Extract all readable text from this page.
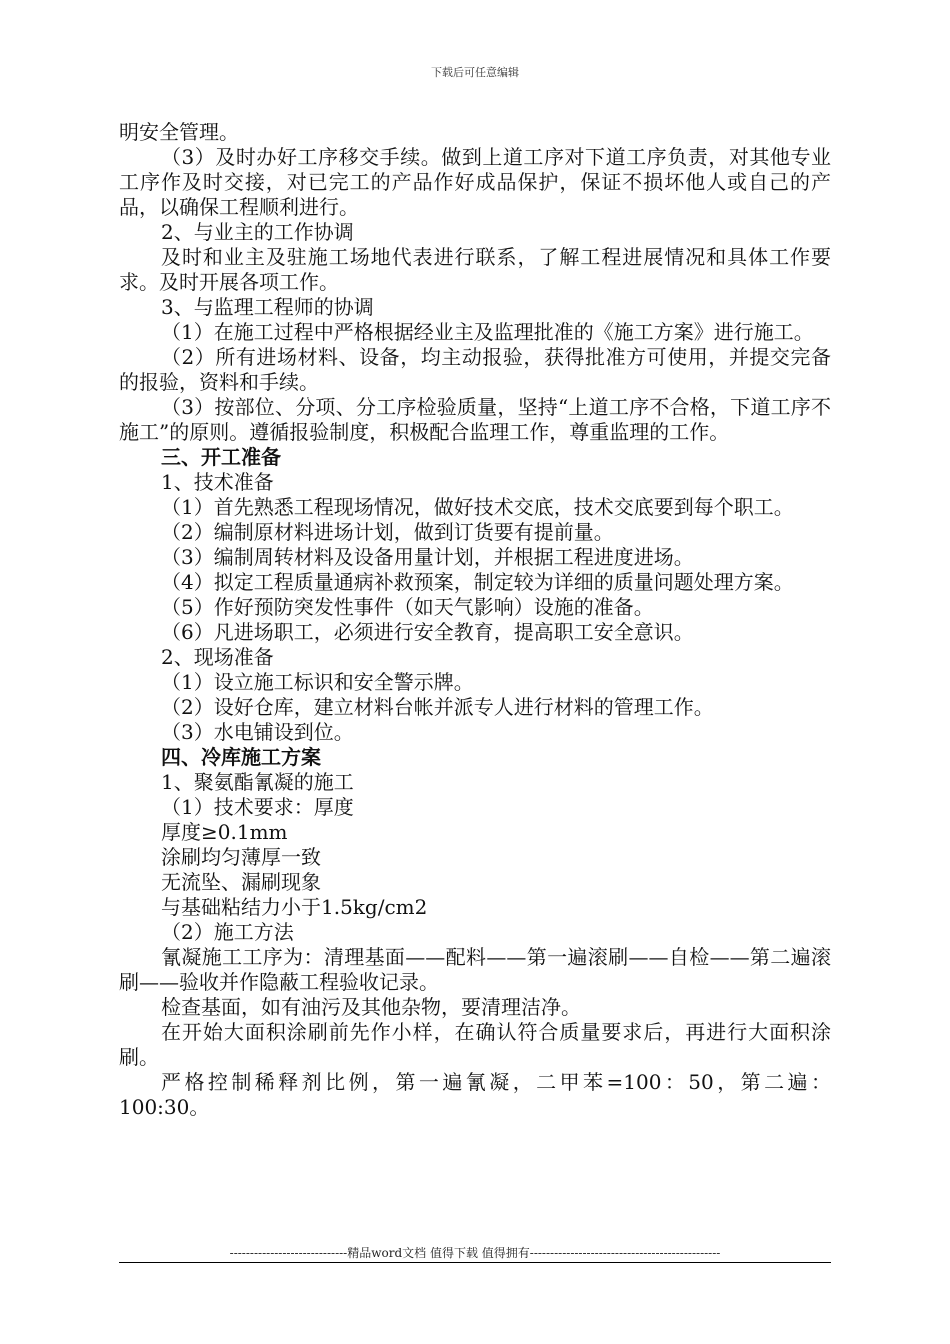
下载后可任意编辑

明安全管理。

（3）及时办好工序移交手续。做到上道工序对下道工序负责，对其他专业工序作及时交接，对已完工的产品作好成品保护，保证不损坏他人或自己的产品，以确保工程顺利进行。

2、与业主的工作协调

及时和业主及驻施工场地代表进行联系，了解工程进展情况和具体工作要求。及时开展各项工作。

3、与监理工程师的协调

（1）在施工过程中严格根据经业主及监理批准的《施工方案》进行施工。

（2）所有进场材料、设备，均主动报验，获得批准方可使用，并提交完备的报验，资料和手续。

（3）按部位、分项、分工序检验质量，坚持“上道工序不合格，下道工序不施工”的原则。遵循报验制度，积极配合监理工作，尊重监理的工作。

三、开工准备

1、技术准备

（1）首先熟悉工程现场情况，做好技术交底，技术交底要到每个职工。

（2）编制原材料进场计划，做到订货要有提前量。

（3）编制周转材料及设备用量计划，并根据工程进度进场。

（4）拟定工程质量通病补救预案，制定较为详细的质量问题处理方案。

（5）作好预防突发性事件（如天气影响）设施的准备。

（6）凡进场职工，必须进行安全教育，提高职工安全意识。

2、现场准备

（1）设立施工标识和安全警示牌。

（2）设好仓库，建立材料台帐并派专人进行材料的管理工作。

（3）水电铺设到位。

四、冷库施工方案

1、聚氨酯氰凝的施工

（1）技术要求：厚度

厚度≥0.1mm

涂刷均匀薄厚一致

无流坠、漏刷现象

与基础粘结力小于1.5kg/cm2

（2）施工方法

氰凝施工工序为：清理基面——配料——第一遍滚刷——自检——第二遍滚刷——验收并作隐蔽工程验收记录。

检查基面，如有油污及其他杂物，要清理洁净。

在开始大面积涂刷前先作小样，在确认符合质量要求后，再进行大面积涂刷。

严格控制稀释剂比例，第一遍氰凝，二甲苯=100：50，第二遍：100:30。

-----------------------------精品word文档 值得下载 值得拥有-----------------------------------------------
